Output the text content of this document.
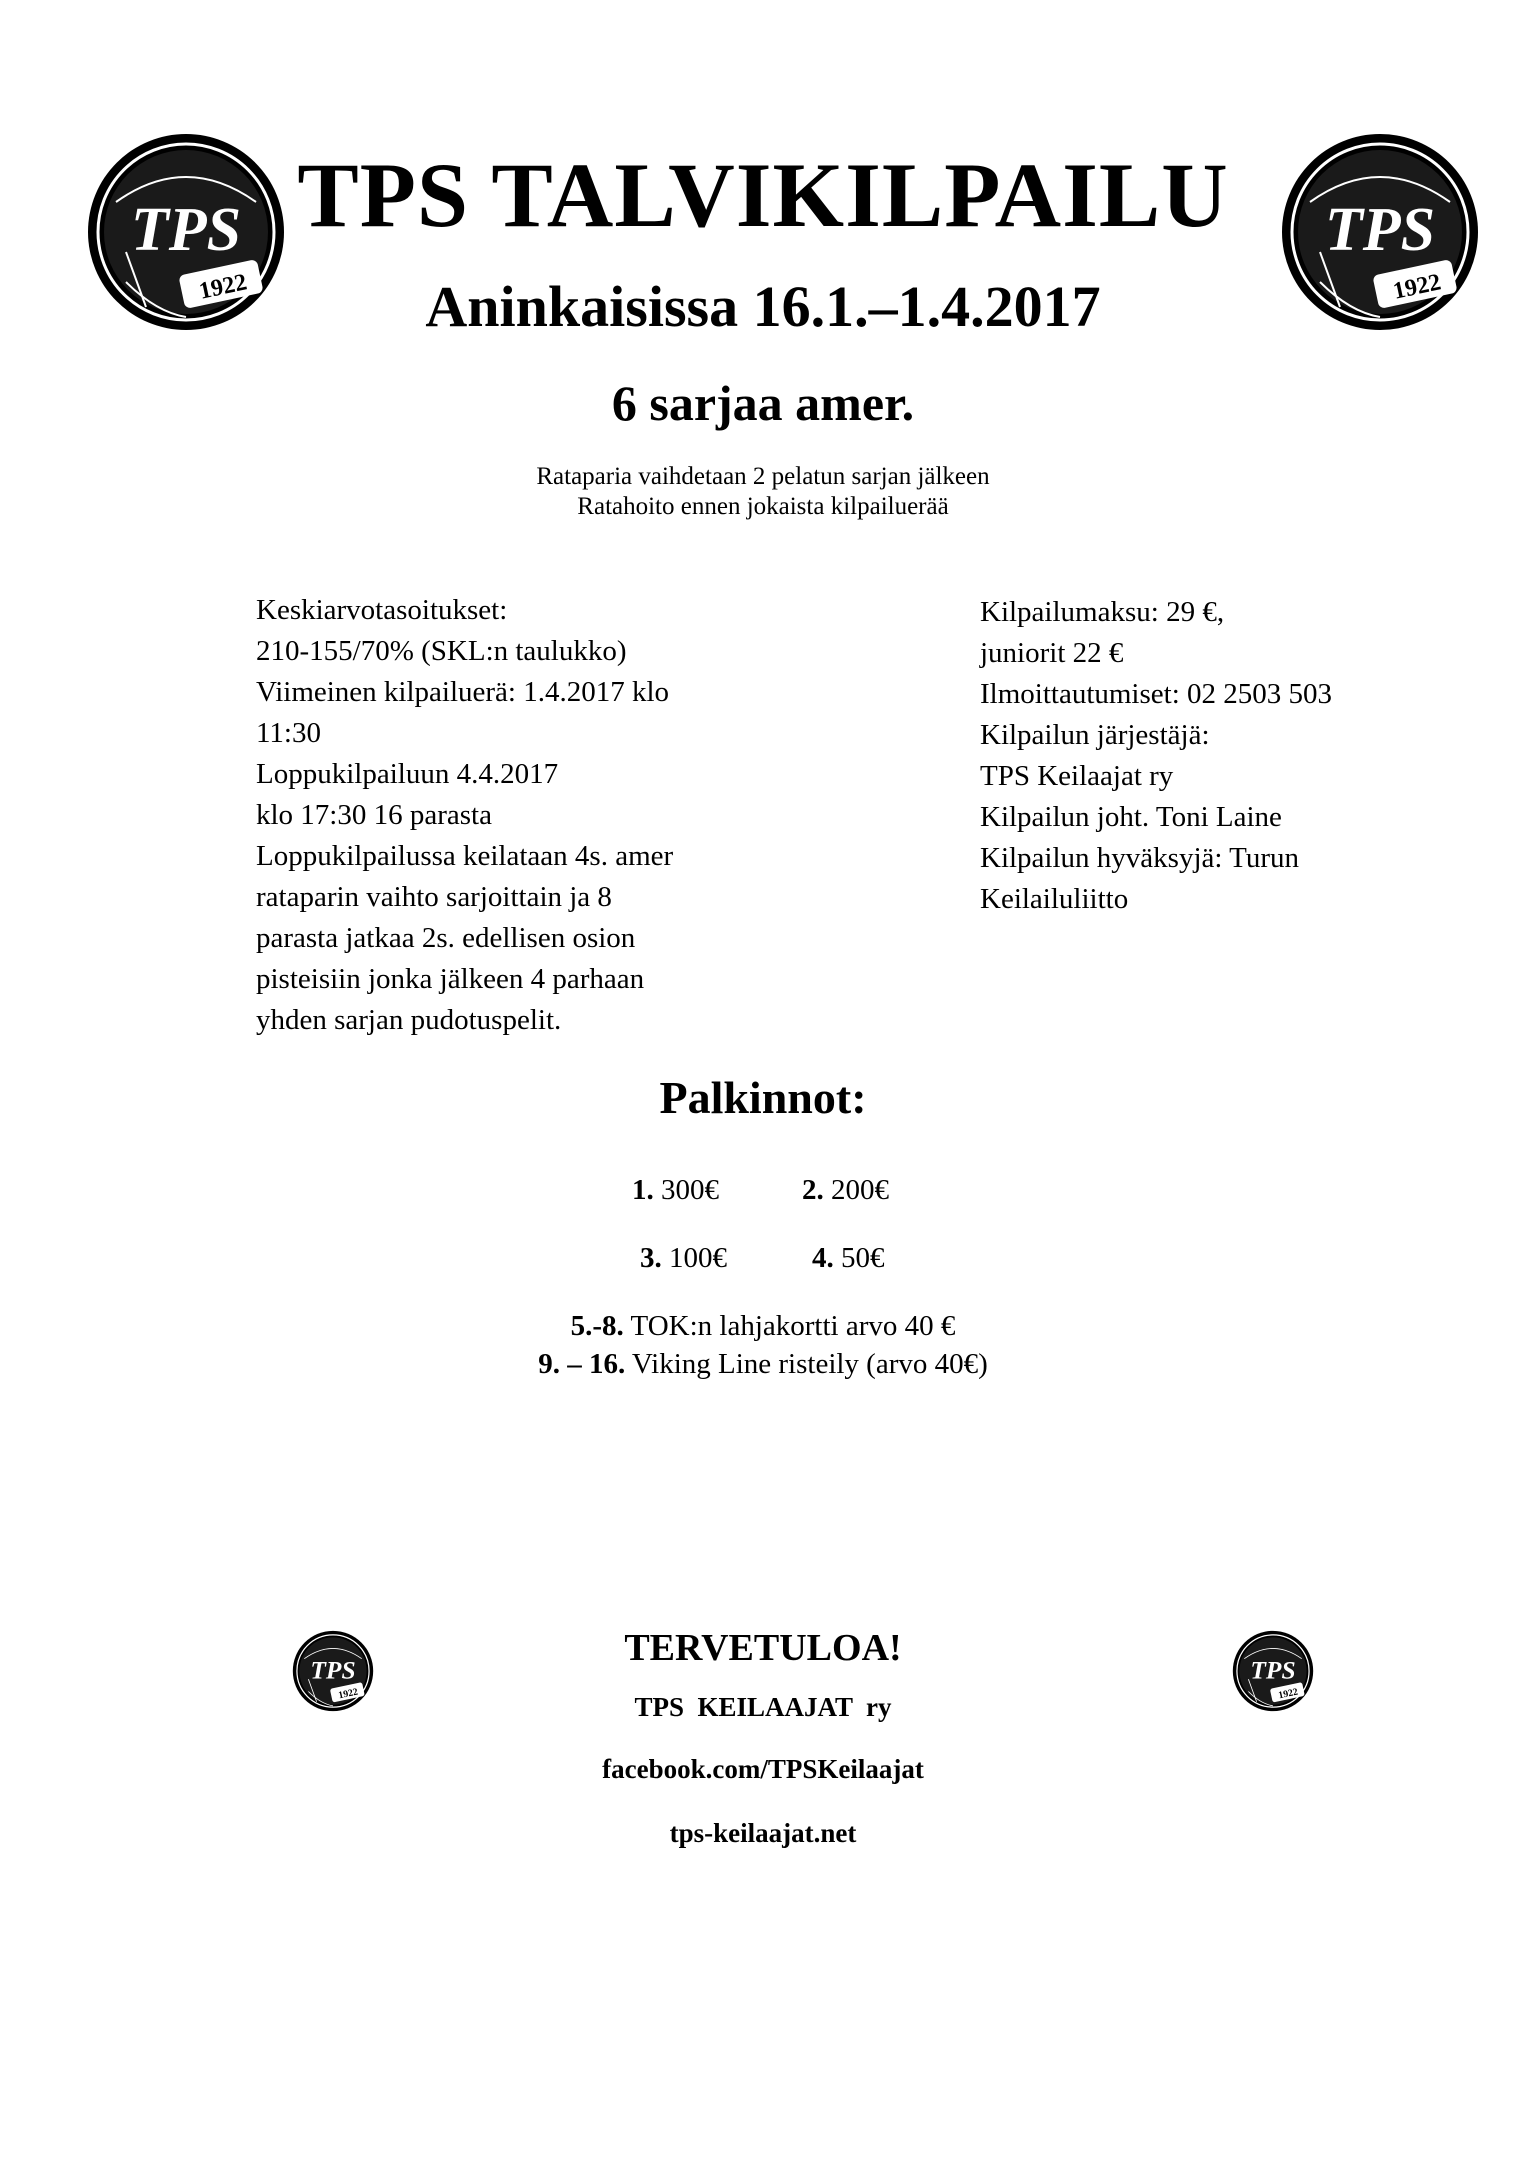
TPS
1922
TPS
1922
TPS TALVIKILPAILU
Aninkaisissa 16.1.–1.4.2017
6 sarjaa amer.
Rataparia vaihdetaan 2 pelatun sarjan jälkeen
Ratahoito ennen jokaista kilpailuerää
Keskiarvotasoitukset:
210-155/70% (SKL:n taulukko)
Viimeinen kilpailuerä: 1.4.2017 klo
11:30
Loppukilpailuun 4.4.2017
klo 17:30 16 parasta
Loppukilpailussa keilataan 4s. amer
rataparin vaihto sarjoittain ja 8
parasta jatkaa 2s. edellisen osion
pisteisiin jonka jälkeen 4 parhaan
yhden sarjan pudotuspelit.
Kilpailumaksu: 29 €,
juniorit 22 €
Ilmoittautumiset: 02 2503 503
Kilpailun järjestäjä:
TPS Keilaajat ry
Kilpailun joht. Toni Laine
Kilpailun hyväksyjä: Turun
Keilailuliitto
Palkinnot:
1. 300€	2. 200€
3. 100€	4. 50€
5.-8. TOK:n lahjakortti arvo 40 €
9. – 16. Viking Line risteily (arvo 40€)
TPS
1922
TPS
1922
TERVETULOA!
TPS  KEILAAJAT  ry
facebook.com/TPSKeilaajat
tps-keilaajat.net
